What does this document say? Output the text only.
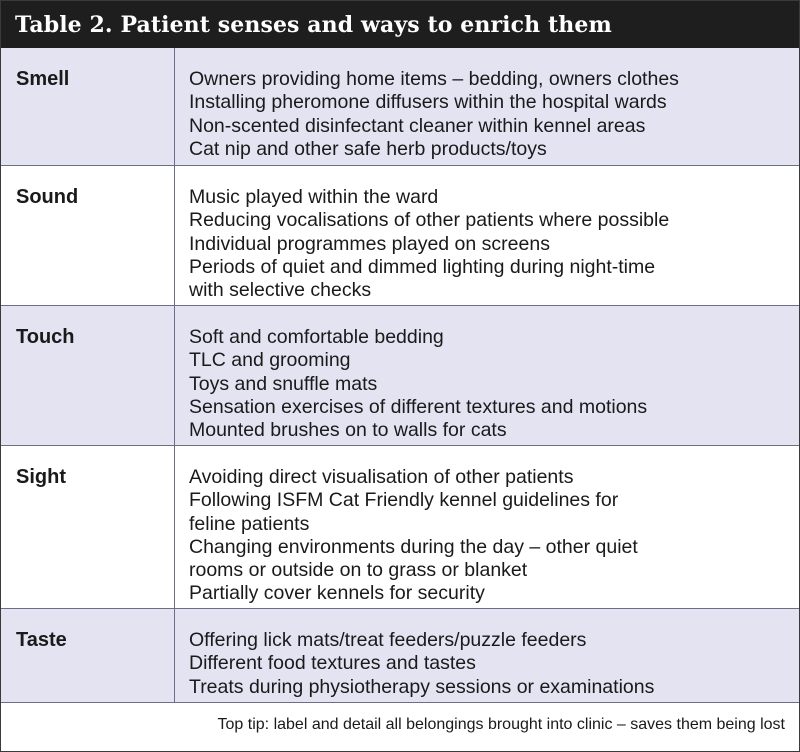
Table 2. Patient senses and ways to enrich them
Smell	Owners providing home items – bedding, owners clothes
Installing pheromone diffusers within the hospital wards
Non-scented disinfectant cleaner within kennel areas
Cat nip and other safe herb products/toys
Sound	Music played within the ward
Reducing vocalisations of other patients where possible
Individual programmes played on screens
Periods of quiet and dimmed lighting during night-time
with selective checks
Touch	Soft and comfortable bedding
TLC and grooming
Toys and snuffle mats
Sensation exercises of different textures and motions
Mounted brushes on to walls for cats
Sight	Avoiding direct visualisation of other patients
Following ISFM Cat Friendly kennel guidelines for
feline patients
Changing environments during the day – other quiet
rooms or outside on to grass or blanket
Partially cover kennels for security
Taste	Offering lick mats/treat feeders/puzzle feeders
Different food textures and tastes
Treats during physiotherapy sessions or examinations
Top tip: label and detail all belongings brought into clinic – saves them being lost
